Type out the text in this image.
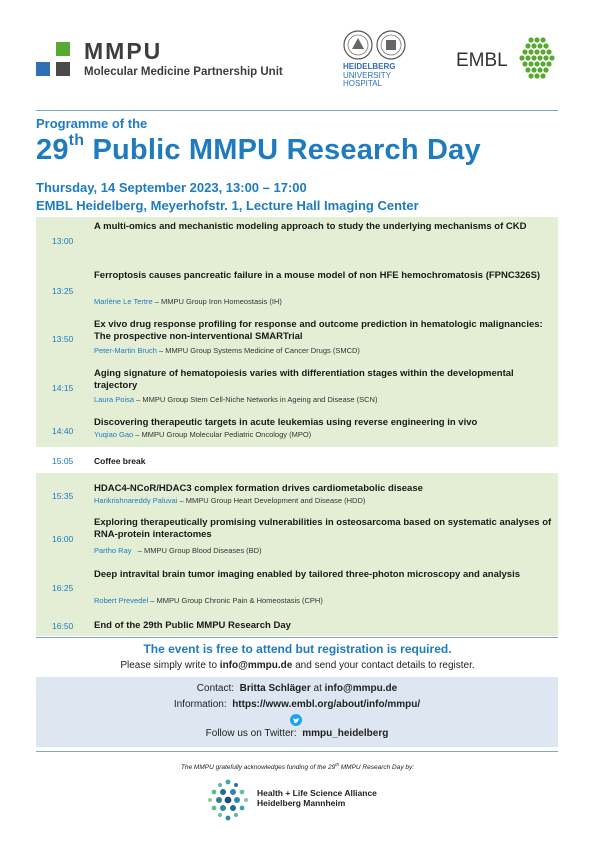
MMPU
Molecular Medicine Partnership Unit	HEIDELBERG
UNIVERSITY
HOSPITAL
EMBL
Programme of the
29th Public MMPU Research Day
Thursday, 14 September 2023, 13:00 – 17:00
EMBL Heidelberg, Meyerhofstr. 1, Lecture Hall Imaging Center
13:00
A multi-omics and mechanistic modeling approach to study the underlying mechanisms of CKD
13:25
Ferroptosis causes pancreatic failure in a mouse model of non HFE hemochromatosis (FPNC326S)
Marlène Le Tertre – MMPU Group Iron Homeostasis (IH)
13:50
Ex vivo drug response profiling for response and outcome prediction in hematologic malignancies: The prospective non-interventional SMARTrial
Peter-Martin Bruch – MMPU Group Systems Medicine of Cancer Drugs (SMCD)
14:15
Aging signature of hematopoiesis varies with differentiation stages within the developmental trajectory
Laura Poisa – MMPU Group Stem Cell-Niche Networks in Ageing and Disease (SCN)
14:40
Discovering therapeutic targets in acute leukemias using reverse engineering in vivo
Yuqiao Gao – MMPU Group Molecular Pediatric Oncology (MPO)
15:05 Coffee break
15:35
HDAC4-NCoR/HDAC3 complex formation drives cardiometabolic disease
Harikrishnareddy Paluvai – MMPU Group Heart Development and Disease (HDD)
16:00
Exploring therapeutically promising vulnerabilities in osteosarcoma based on systematic analyses of RNA-protein interactomes
Partho Ray   – MMPU Group Blood Diseases (BD)
16:25
Deep intravital brain tumor imaging enabled by tailored three-photon microscopy and analysis
Robert Prevedel – MMPU Group Chronic Pain & Homeostasis (CPH)
16:50 End of the 29th Public MMPU Research Day
The event is free to attend but registration is required.
Please simply write to info@mmpu.de and send your contact details to register.
Contact: Britta Schläger at info@mmpu.de
Information: https://www.embl.org/about/info/mmpu/
Follow us on Twitter: mmpu_heidelberg
The MMPU gratefully acknowledges funding of the 29th MMPU Research Day by:
Health + Life Science Alliance
Heidelberg Mannheim
